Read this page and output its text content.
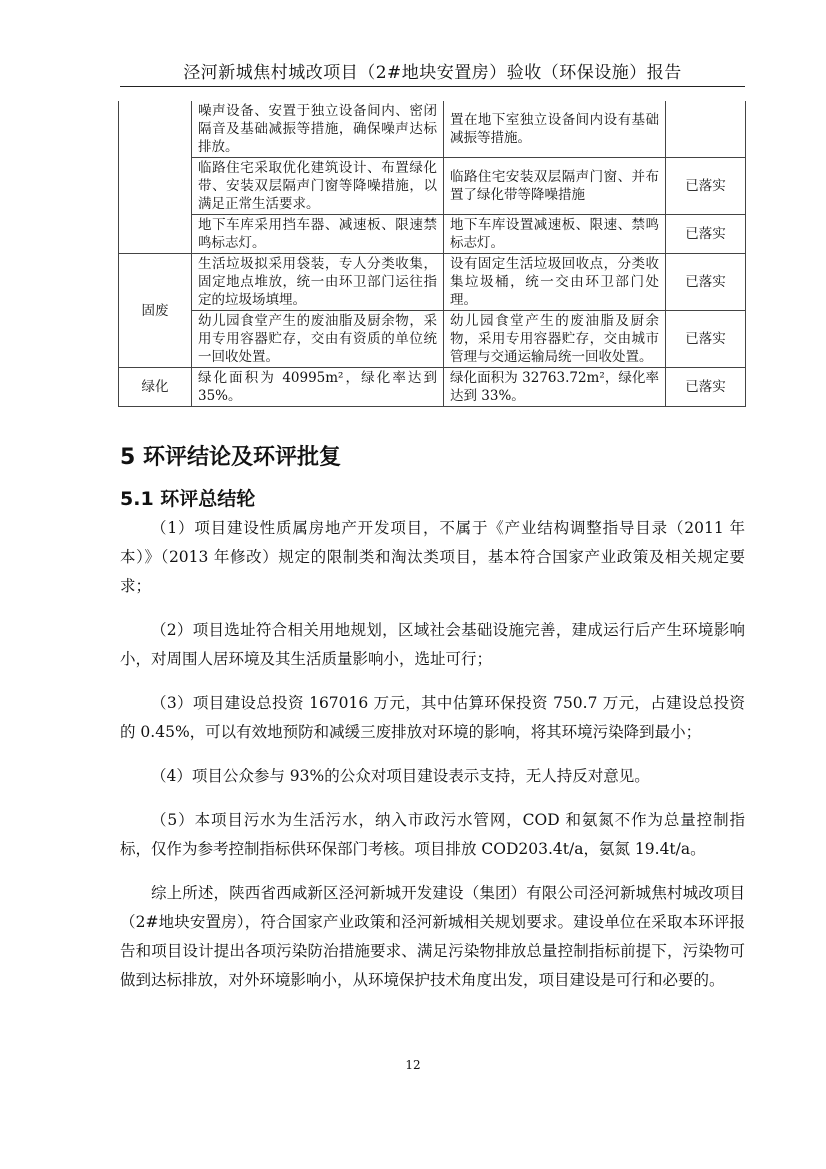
泾河新城焦村城改项目（2#地块安置房）验收（环保设施）报告
	噪声设备、安置于独立设备间内、密闭隔音及基础减振等措施，确保噪声达标排放。	置在地下室独立设备间内设有基础减振等措施。	
	临路住宅采取优化建筑设计、布置绿化带、安装双层隔声门窗等降噪措施，以满足正常生活要求。	临路住宅安装双层隔声门窗、并布置了绿化带等降噪措施	已落实
	地下车库采用挡车器、减速板、限速禁鸣标志灯。	地下车库设置减速板、限速、禁鸣标志灯。	已落实
固废	生活垃圾拟采用袋装，专人分类收集，固定地点堆放，统一由环卫部门运往指定的垃圾场填埋。	设有固定生活垃圾回收点，分类收集垃圾桶，统一交由环卫部门处理。	已落实
	幼儿园食堂产生的废油脂及厨余物，采用专用容器贮存，交由有资质的单位统一回收处置。	幼儿园食堂产生的废油脂及厨余物，采用专用容器贮存，交由城市管理与交通运输局统一回收处置。	已落实
绿化	绿化面积为 40995m²，绿化率达到35%。	绿化面积为 32763.72m²，绿化率达到 33%。	已落实
5 环评结论及环评批复
5.1 环评总结轮

（1）项目建设性质属房地产开发项目，不属于《产业结构调整指导目录（2011 年 本）》（2013 年修改）规定的限制类和淘汰类项目，基本符合国家产业政策及相关规定要求；

（2）项目选址符合相关用地规划，区域社会基础设施完善，建成运行后产生环境影响小，对周围人居环境及其生活质量影响小，选址可行；

（3）项目建设总投资 167016 万元，其中估算环保投资 750.7 万元，占建设总投资的 0.45%，可以有效地预防和减缓三废排放对环境的影响，将其环境污染降到最小；

（4）项目公众参与 93%的公众对项目建设表示支持，无人持反对意见。

（5）本项目污水为生活污水，纳入市政污水管网，COD 和氨氮不作为总量控制指标，仅作为参考控制指标供环保部门考核。项目排放 COD203.4t/a，氨氮 19.4t/a。

综上所述，陕西省西咸新区泾河新城开发建设（集团）有限公司泾河新城焦村城改项目（2#地块安置房），符合国家产业政策和泾河新城相关规划要求。建设单位在采取本环评报告和项目设计提出各项污染防治措施要求、满足污染物排放总量控制指标前提下，污染物可做到达标排放，对外环境影响小，从环境保护技术角度出发，项目建设是可行和必要的。

12
